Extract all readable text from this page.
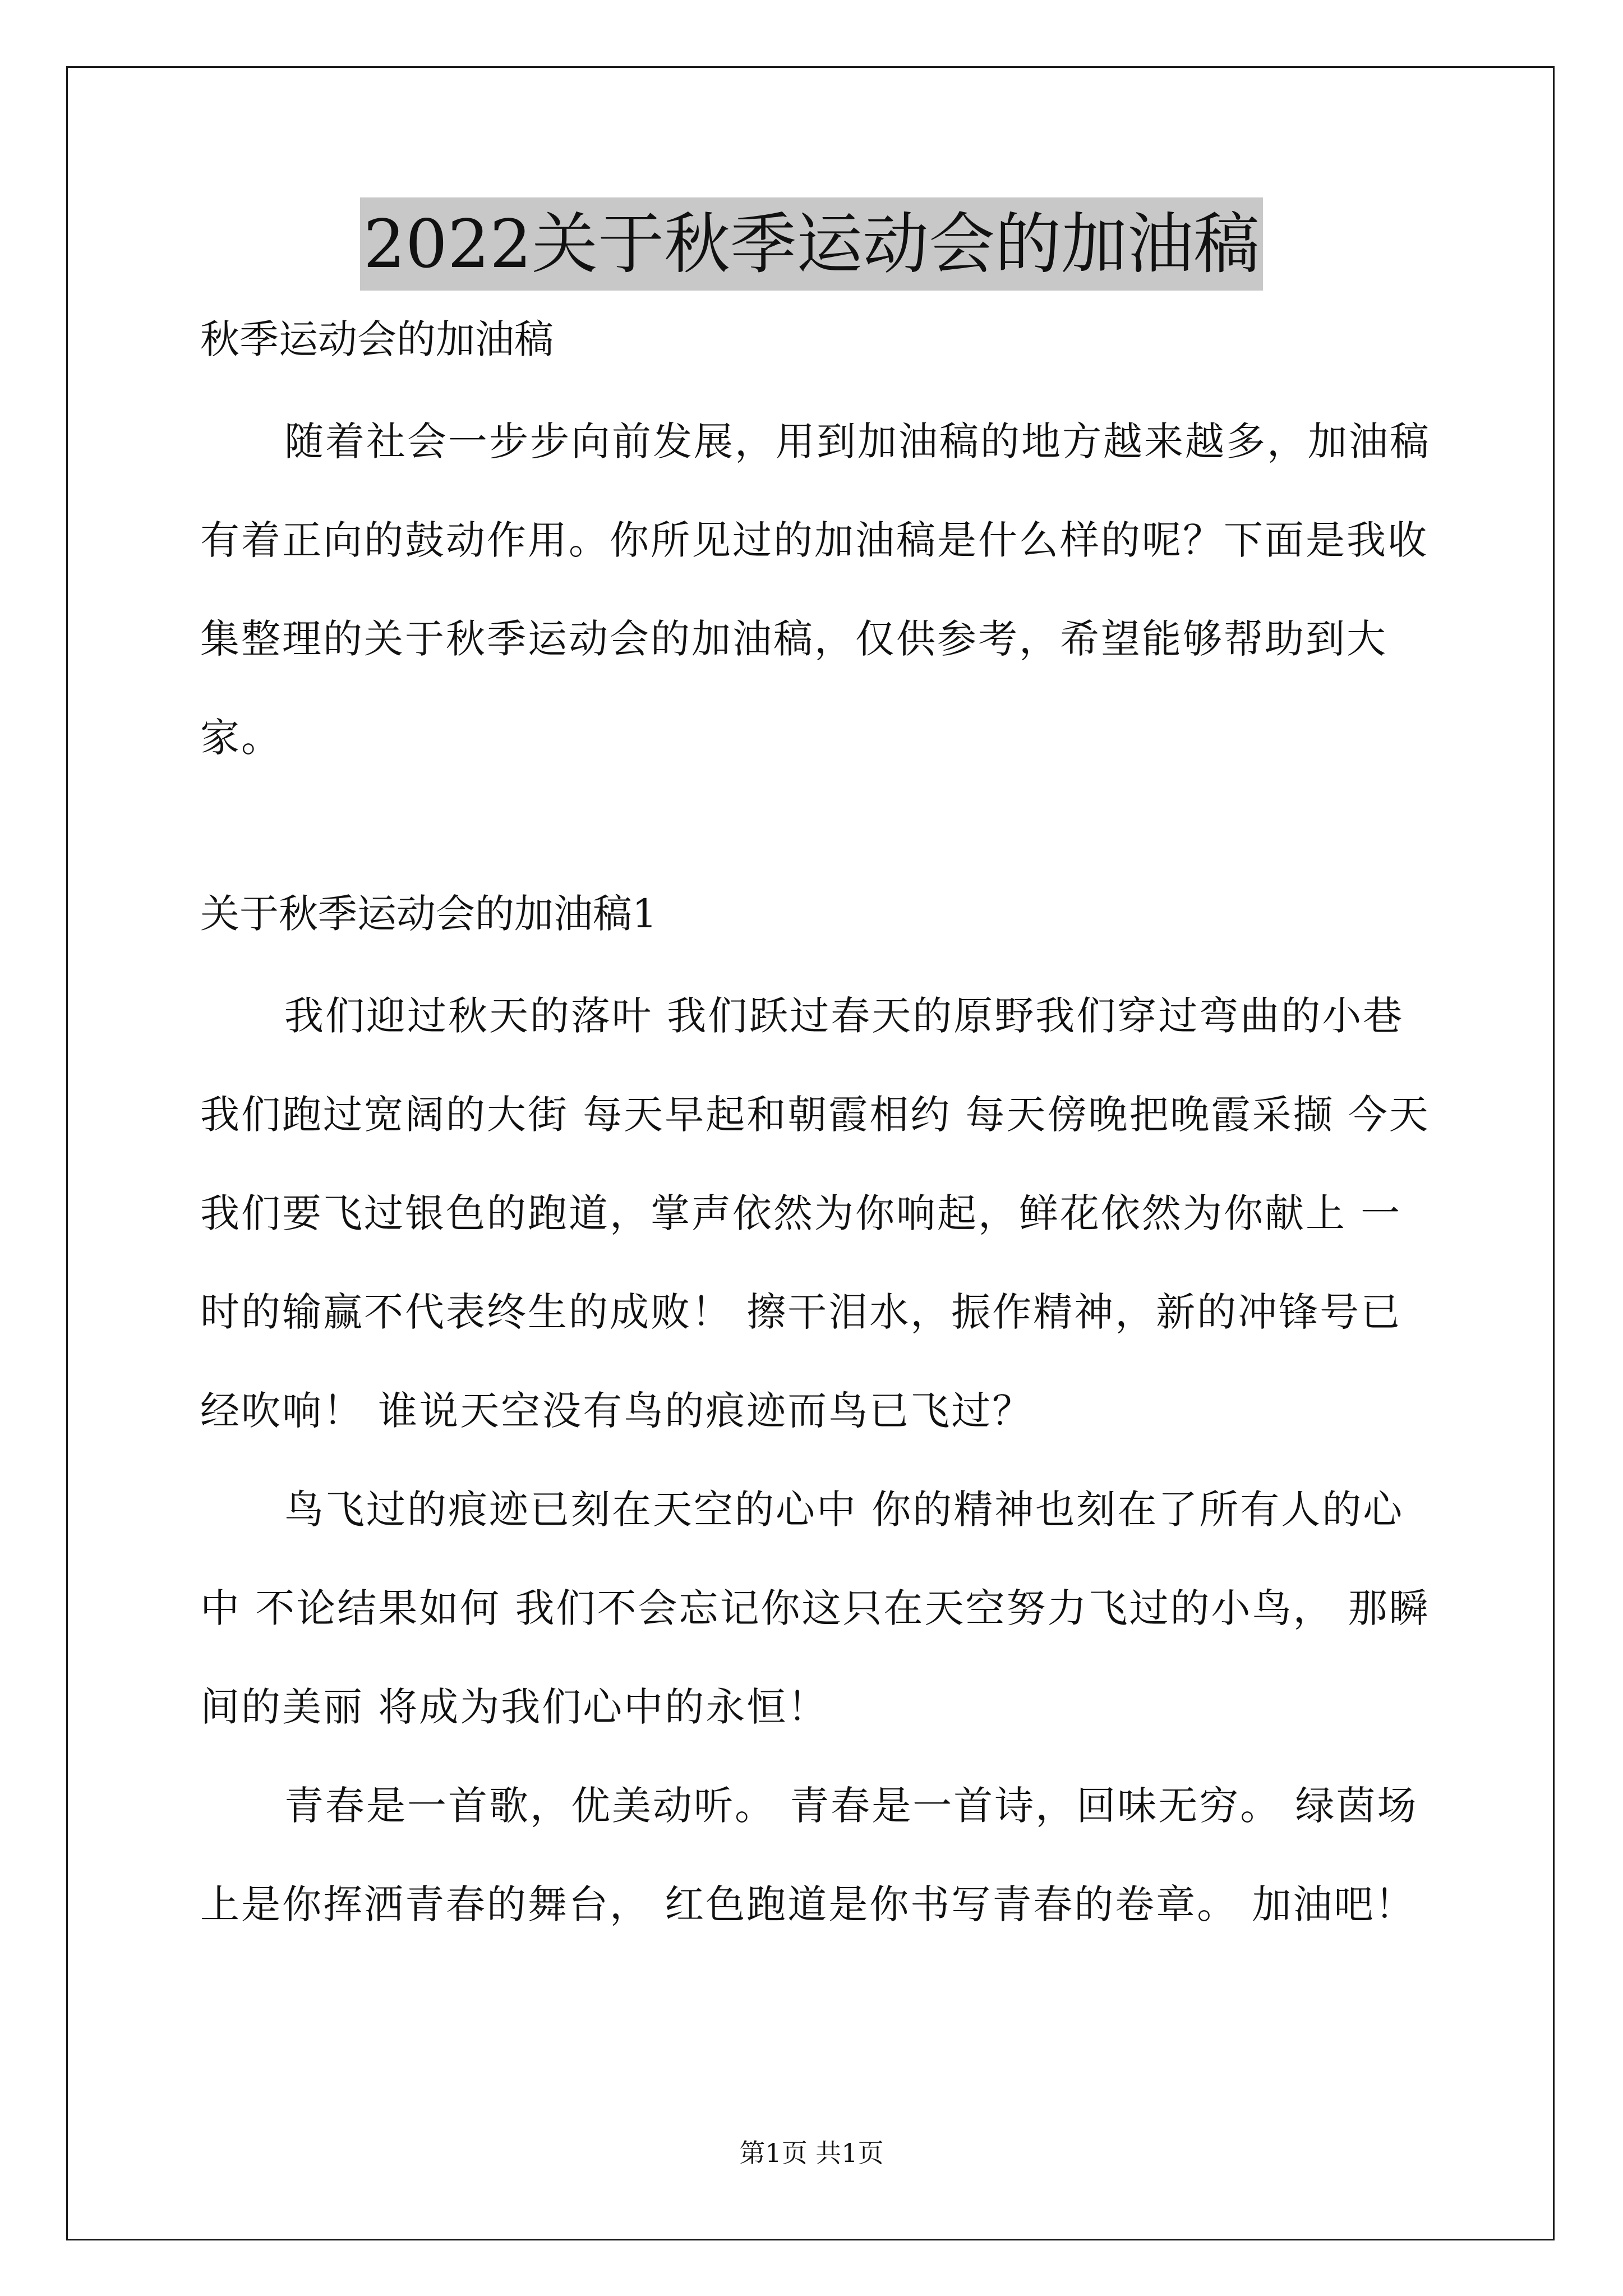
2022关于秋季运动会的加油稿

秋季运动会的加油稿

随着社会一步步向前发展，用到加油稿的地方越来越多，加油稿有着正向的鼓动作用。你所见过的加油稿是什么样的呢？下面是我收集整理的关于秋季运动会的加油稿，仅供参考，希望能够帮助到大家。

关于秋季运动会的加油稿1

我们迎过秋天的落叶 我们跃过春天的原野我们穿过弯曲的小巷 我们跑过宽阔的大街 每天早起和朝霞相约 每天傍晚把晚霞采撷 今天我们要飞过银色的跑道，掌声依然为你响起，鲜花依然为你献上 一时的输赢不代表终生的成败！ 擦干泪水，振作精神，新的冲锋号已经吹响！ 谁说天空没有鸟的痕迹而鸟已飞过？

鸟飞过的痕迹已刻在天空的心中 你的精神也刻在了所有人的心中 不论结果如何 我们不会忘记你这只在天空努力飞过的小鸟， 那瞬间的美丽 将成为我们心中的永恒！

青春是一首歌，优美动听。 青春是一首诗，回味无穷。 绿茵场上是你挥洒青春的舞台， 红色跑道是你书写青春的卷章。 加油吧！

第1页 共1页
